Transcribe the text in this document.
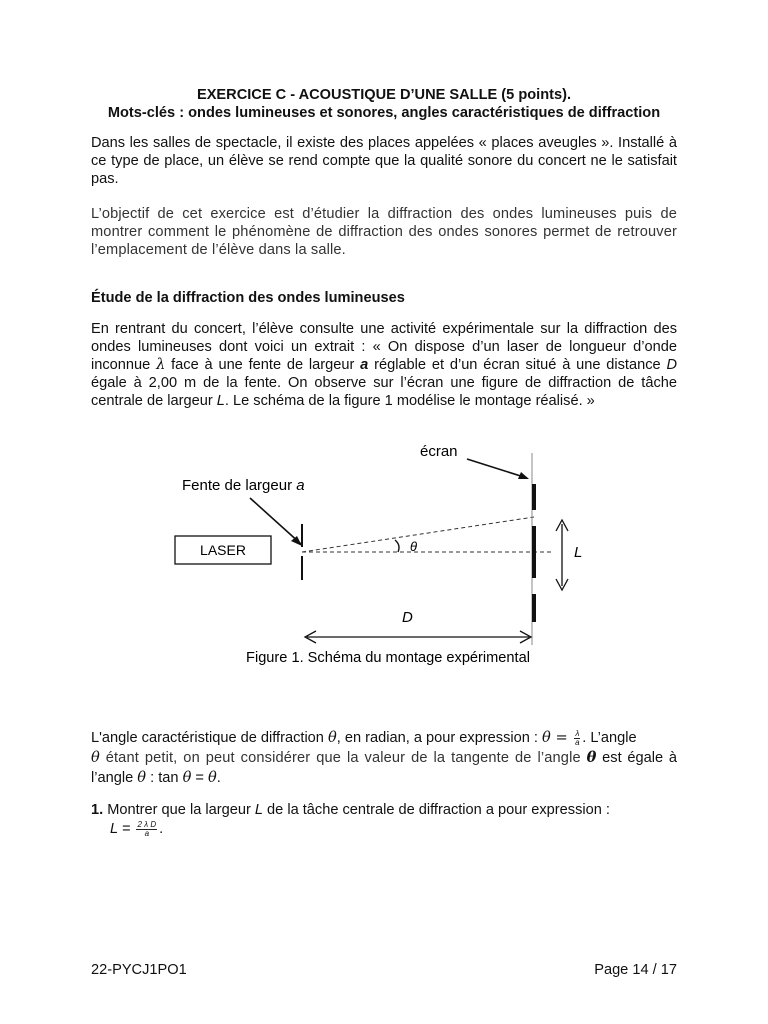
EXERCICE C - ACOUSTIQUE D’UNE SALLE (5 points).
Mots-clés : ondes lumineuses et sonores, angles caractéristiques de diffraction
Dans les salles de spectacle, il existe des places appelées « places aveugles ». Installé à ce type de place, un élève se rend compte que la qualité sonore du concert ne le satisfait pas.
L’objectif de cet exercice est d’étudier la diffraction des ondes lumineuses puis de montrer comment le phénomène de diffraction des ondes sonores permet de retrouver l’emplacement de l’élève dans la salle.
Étude de la diffraction des ondes lumineuses
En rentrant du concert, l’élève consulte une activité expérimentale sur la diffraction des ondes lumineuses dont voici un extrait : « On dispose d’un laser de longueur d’onde inconnue λ face à une fente de largeur a réglable et d’un écran situé à une distance D égale à 2,00 m de la fente. On observe sur l’écran une figure de diffraction de tâche centrale de largeur L. Le schéma de la figure 1 modélise le montage réalisé. »
écran
Fente de largeur a
LASER	θ	L
D
Figure 1. Schéma du montage expérimental
L'angle caractéristique de diffraction θ, en radian, a pour expression : $\theta = \frac{\lambda}{a}$ . L’angle
θ étant petit, on peut considérer que la valeur de la tangente de l’angle θ est égale à l’angle θ : tan θ = θ.
1. Montrer que la largeur L de la tâche centrale de diffraction a pour expression :
$L = \frac{\text{2 λ D}}{a}$ .
22-PYCJ1PO1	Page 14 / 17
